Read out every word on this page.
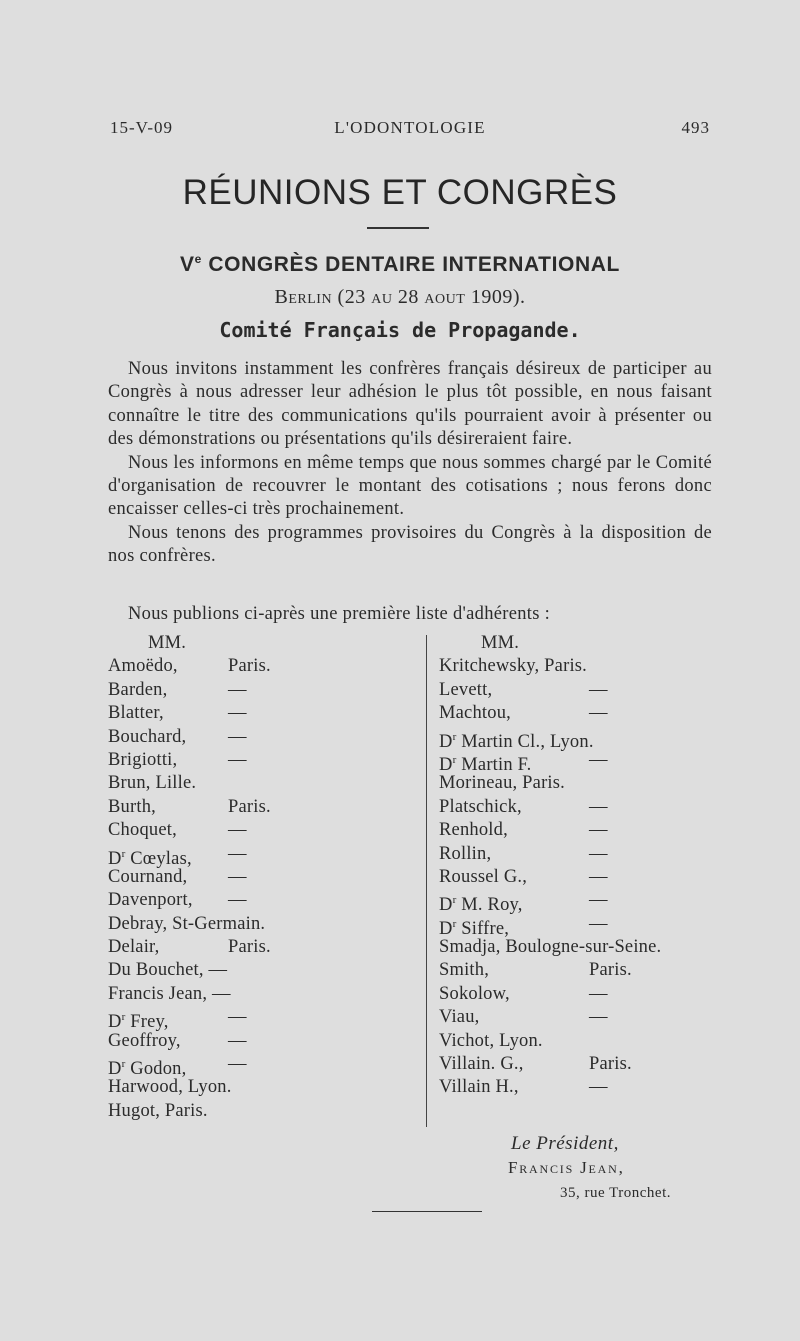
15-V-09	L'ODONTOLOGIE	493
RÉUNIONS ET CONGRÈS
Ve CONGRÈS DENTAIRE INTERNATIONAL
Berlin (23 au 28 aout 1909).
Comité Français de Propagande.

Nous invitons instamment les confrères français désireux de participer au Congrès à nous adresser leur adhésion le plus tôt possible, en nous faisant connaître le titre des communications qu'ils pourraient avoir à présenter ou des démonstrations ou présentations qu'ils désireraient faire.

Nous les informons en même temps que nous sommes chargé par le Comité d'organisation de recouvrer le montant des cotisations ; nous ferons donc encaisser celles-ci très prochainement.

Nous tenons des programmes provisoires du Congrès à la disposition de nos confrères.

Nous publions ci-après une première liste d'adhérents :
MM.
Amoëdo,	Paris.
Barden,	—
Blatter,	—
Bouchard, —
Brigiotti,	—
Brun, Lille.
Burth,	Paris.
Choquet,	—
$D^r$ Cœylas, —
Cournand, —
Davenport, —
Debray, St-Germain.
Delair,	Paris.
Du Bouchet, —
Francis Jean, —
$D^r$ Frey,	—
Geoffroy,	—
$D^r$ Godon, —
Harwood, Lyon.
Hugot, Paris.
MM.
Kritchewsky, Paris.
Levett,	—
Machtou,	—
$D^r$ Martin Cl., Lyon.
$D^r$ Martin F.	—
Morineau, Paris.
Platschick,	—
Renhold,	—
Rollin,	—
Roussel G.,	—
$D^r$ M. Roy,	—
$D^r$ Siffre,	—
Smadja, Boulogne-sur-Seine.
Smith,	Paris.
Sokolow,	—
Viau,	—
Vichot, Lyon.
Villain. G.,	Paris.
Villain H.,	—
Le Président,
Francis Jean,
35, rue Tronchet.
